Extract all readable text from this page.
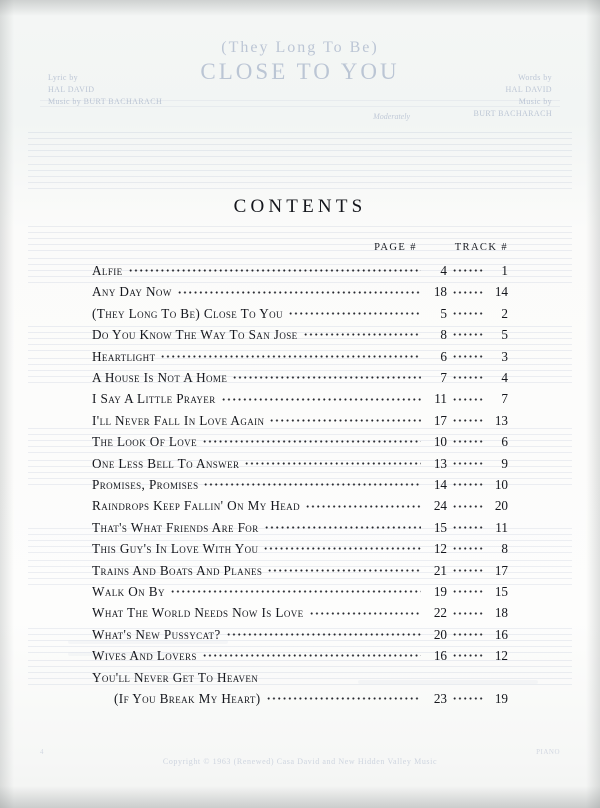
(They Long To Be)
CLOSE TO YOU
Lyric by
HAL DAVID
Music by BURT BACHARACH
Words by
HAL DAVID
Music by
BURT BACHARACH
Moderately
4	PIANO
Copyright © 1963 (Renewed) Casa David and New Hidden Valley Music
CONTENTS
PAGE #	TRACK #
Alfie	4	1
Any Day Now	18	14
(They Long To Be) Close To You	5	2
Do You Know The Way To San Jose	8	5
Heartlight	6	3
A House Is Not A Home	7	4
I Say A Little Prayer	11	7
I'll Never Fall In Love Again	17	13
The Look Of Love	10	6
One Less Bell To Answer	13	9
Promises, Promises	14	10
Raindrops Keep Fallin' On My Head	24	20
That's What Friends Are For	15	11
This Guy's In Love With You	12	8
Trains And Boats And Planes	21	17
Walk On By	19	15
What The World Needs Now Is Love	22	18
What's New Pussycat?	20	16
Wives And Lovers	16	12
You'll Never Get To Heaven
(If You Break My Heart)	23	19
